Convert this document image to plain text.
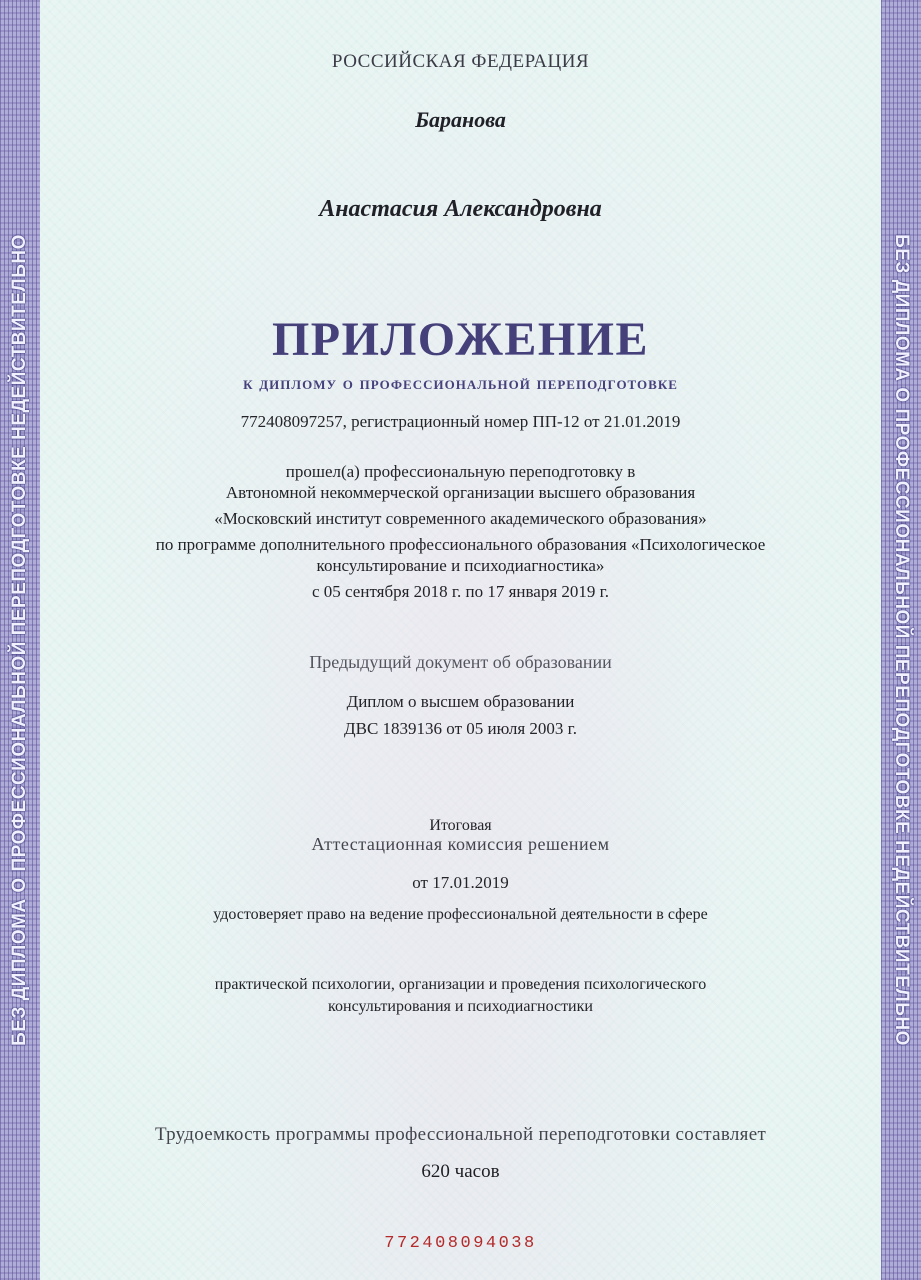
БЕЗ ДИПЛОМА О ПРОФЕССИОНАЛЬНОЙ ПЕРЕПОДГОТОВКЕ НЕДЕЙСТВИТЕЛЬНО	БЕЗ ДИПЛОМА О ПРОФЕССИОНАЛЬНОЙ ПЕРЕПОДГОТОВКЕ НЕДЕЙСТВИТЕЛЬНО
РОССИЙСКАЯ ФЕДЕРАЦИЯ
Баранова
Анастасия Александровна
ПРИЛОЖЕНИЕ
к диплому о профессиональной переподготовке
772408097257, регистрационный номер ПП-12 от 21.01.2019
прошел(а) профессиональную переподготовку в
Автономной некоммерческой организации высшего образования
«Московский институт современного академического образования»
по программе дополнительного профессионального образования «Психологическое
консультирование и психодиагностика»
с 05 сентября 2018 г. по 17 января 2019 г.
Предыдущий документ об образовании
Диплом о высшем образовании
ДВС 1839136 от 05 июля 2003 г.
Итоговая
Аттестационная комиссия решением
от 17.01.2019
удостоверяет право на ведение профессиональной деятельности в сфере
практической психологии, организации и проведения психологического
консультирования и психодиагностики
Трудоемкость программы профессиональной переподготовки составляет
620 часов
772408094038
